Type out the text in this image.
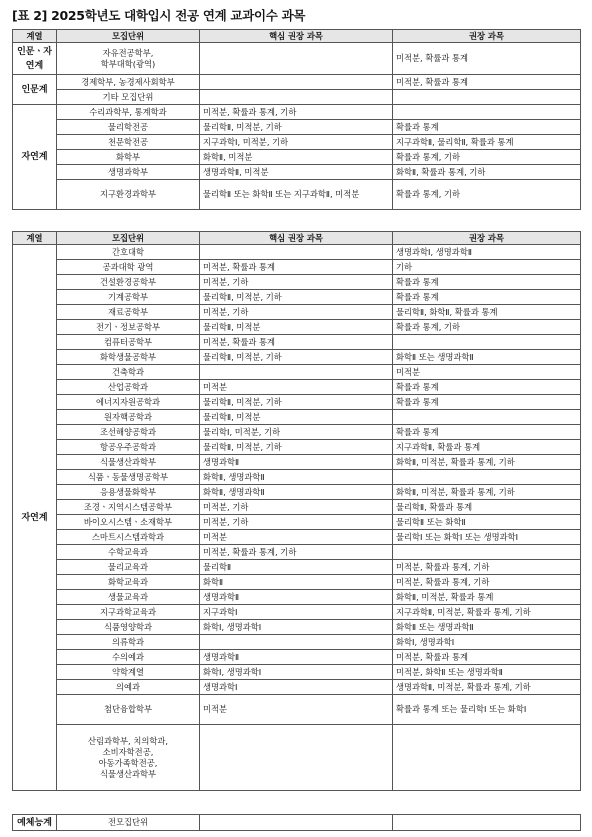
[표 2] 2025학년도 대학입시 전공 연계 교과이수 과목
계열	모집단위	핵심 권장 과목	권장 과목
인문ㆍ자연계	자유전공학부,
학부대학(광역)		미적분, 확률과 통계
인문계	경제학부, 농경제사회학부		미적분, 확률과 통계

	기타 모집단위		

자연계	수리과학부, 통계학과	미적분, 확률과 통계, 기하	

	물리학전공	물리학Ⅱ, 미적분, 기하	확률과 통계

	천문학전공	지구과학Ⅰ, 미적분, 기하	지구과학Ⅱ, 물리학Ⅱ, 확률과 통계

	화학부	화학Ⅱ, 미적분	확률과 통계, 기하

	생명과학부	생명과학Ⅱ, 미적분	화학Ⅱ, 확률과 통계, 기하

	지구환경과학부	물리학Ⅱ 또는 화학Ⅱ 또는 지구과학Ⅱ, 미적분	확률과 통계, 기하
계열	모집단위	핵심 권장 과목	권장 과목
자연계	간호대학		생명과학Ⅰ, 생명과학Ⅱ

	공과대학 광역	미적분, 확률과 통계	기하

	건설환경공학부	미적분, 기하	확률과 통계

	기계공학부	물리학Ⅱ, 미적분, 기하	확률과 통계

	재료공학부	미적분, 기하	물리학Ⅱ, 화학Ⅱ, 확률과 통계

	전기ㆍ정보공학부	물리학Ⅱ, 미적분	확률과 통계, 기하

	컴퓨터공학부	미적분, 확률과 통계	

	화학생물공학부	물리학Ⅱ, 미적분, 기하	화학Ⅱ 또는 생명과학Ⅱ

	건축학과		미적분

	산업공학과	미적분	확률과 통계

	에너지자원공학과	물리학Ⅱ, 미적분, 기하	확률과 통계

	원자핵공학과	물리학Ⅱ, 미적분	

	조선해양공학과	물리학Ⅰ, 미적분, 기하	확률과 통계

	항공우주공학과	물리학Ⅱ, 미적분, 기하	지구과학Ⅱ, 확률과 통계

	식물생산과학부	생명과학Ⅱ	화학Ⅱ, 미적분, 확률과 통계, 기하

	식품ㆍ동물생명공학부	화학Ⅱ, 생명과학Ⅱ	

	응용생물화학부	화학Ⅱ, 생명과학Ⅱ	화학Ⅱ, 미적분, 확률과 통계, 기하

	조경ㆍ지역시스템공학부	미적분, 기하	물리학Ⅱ, 확률과 통계

	바이오시스템ㆍ소재학부	미적분, 기하	물리학Ⅱ 또는 화학Ⅱ

	스마트시스템과학과	미적분	물리학Ⅰ 또는 화학Ⅰ 또는 생명과학Ⅰ

	수학교육과	미적분, 확률과 통계, 기하	

	물리교육과	물리학Ⅱ	미적분, 확률과 통계, 기하

	화학교육과	화학Ⅱ	미적분, 확률과 통계, 기하

	생물교육과	생명과학Ⅱ	화학Ⅱ, 미적분, 확률과 통계

	지구과학교육과	지구과학Ⅰ	지구과학Ⅱ, 미적분, 확률과 통계, 기하

	식품영양학과	화학Ⅰ, 생명과학Ⅰ	화학Ⅱ 또는 생명과학Ⅱ

	의류학과		화학Ⅰ, 생명과학Ⅰ

	수의예과	생명과학Ⅱ	미적분, 확률과 통계

	약학계열	화학Ⅰ, 생명과학Ⅰ	미적분, 화학Ⅱ 또는 생명과학Ⅱ

	의예과	생명과학Ⅰ	생명과학Ⅱ, 미적분, 확률과 통계, 기하

	첨단융합학부	미적분	확률과 통계 또는 물리학Ⅰ 또는 화학Ⅰ

	산림과학부, 치의학과,
소비자학전공,
아동가족학전공,
식물생산과학부		

예체능계	전모집단위		
